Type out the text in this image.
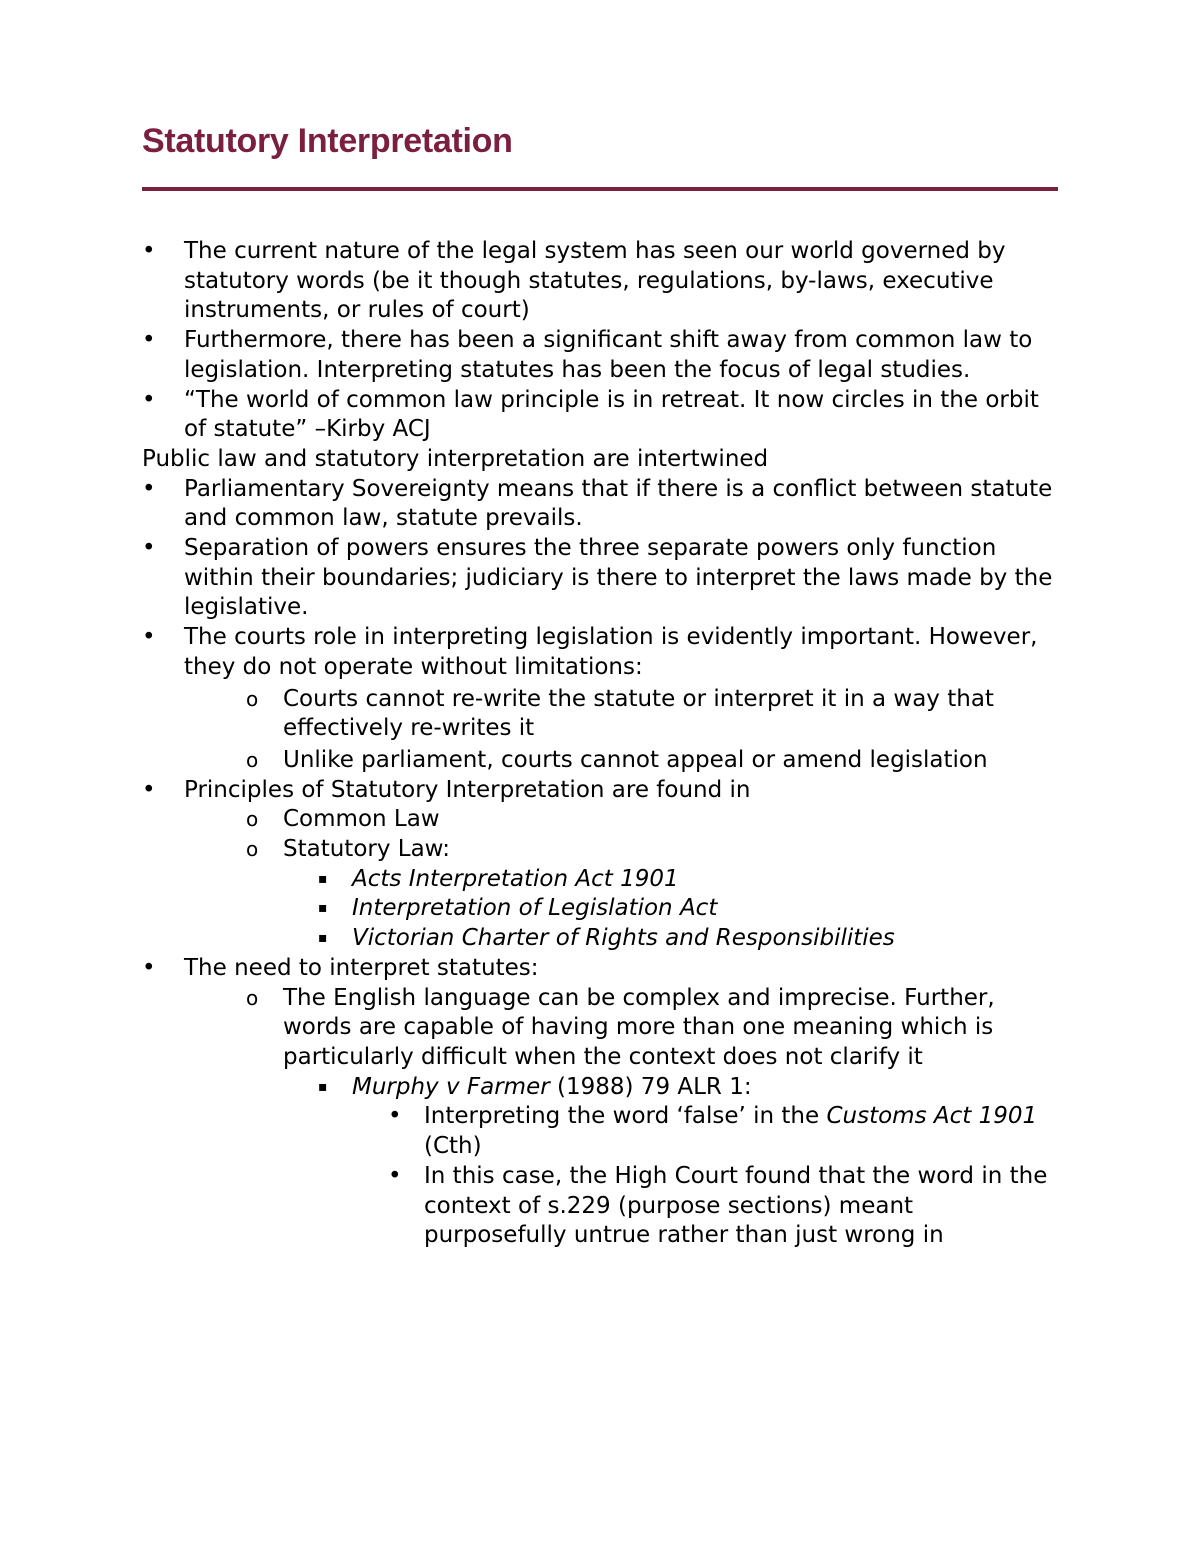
Statutory Interpretation
• The current nature of the legal system has seen our world governed by statutory words (be it though statutes, regulations, by-laws, executive instruments, or rules of court)
• Furthermore, there has been a significant shift away from common law to legislation. Interpreting statutes has been the focus of legal studies.
• “The world of common law principle is in retreat. It now circles in the orbit of statute” –Kirby ACJ
Public law and statutory interpretation are intertwined
• Parliamentary Sovereignty means that if there is a conflict between statute and common law, statute prevails.
• Separation of powers ensures the three separate powers only function within their boundaries; judiciary is there to interpret the laws made by the legislative.
• The courts role in interpreting legislation is evidently important. However, they do not operate without limitations:
o Courts cannot re-write the statute or interpret it in a way that effectively re-writes it
o Unlike parliament, courts cannot appeal or amend legislation
• Principles of Statutory Interpretation are found in
o Common Law
o Statutory Law:
▪ Acts Interpretation Act 1901
▪ Interpretation of Legislation Act
▪ Victorian Charter of Rights and Responsibilities
• The need to interpret statutes:
o The English language can be complex and imprecise. Further, words are capable of having more than one meaning which is particularly difficult when the context does not clarify it
▪ Murphy v Farmer (1988) 79 ALR 1:
• Interpreting the word ‘false’ in the Customs Act 1901 (Cth)
• In this case, the High Court found that the word in the context of s.229 (purpose sections) meant purposefully untrue rather than just wrong in
